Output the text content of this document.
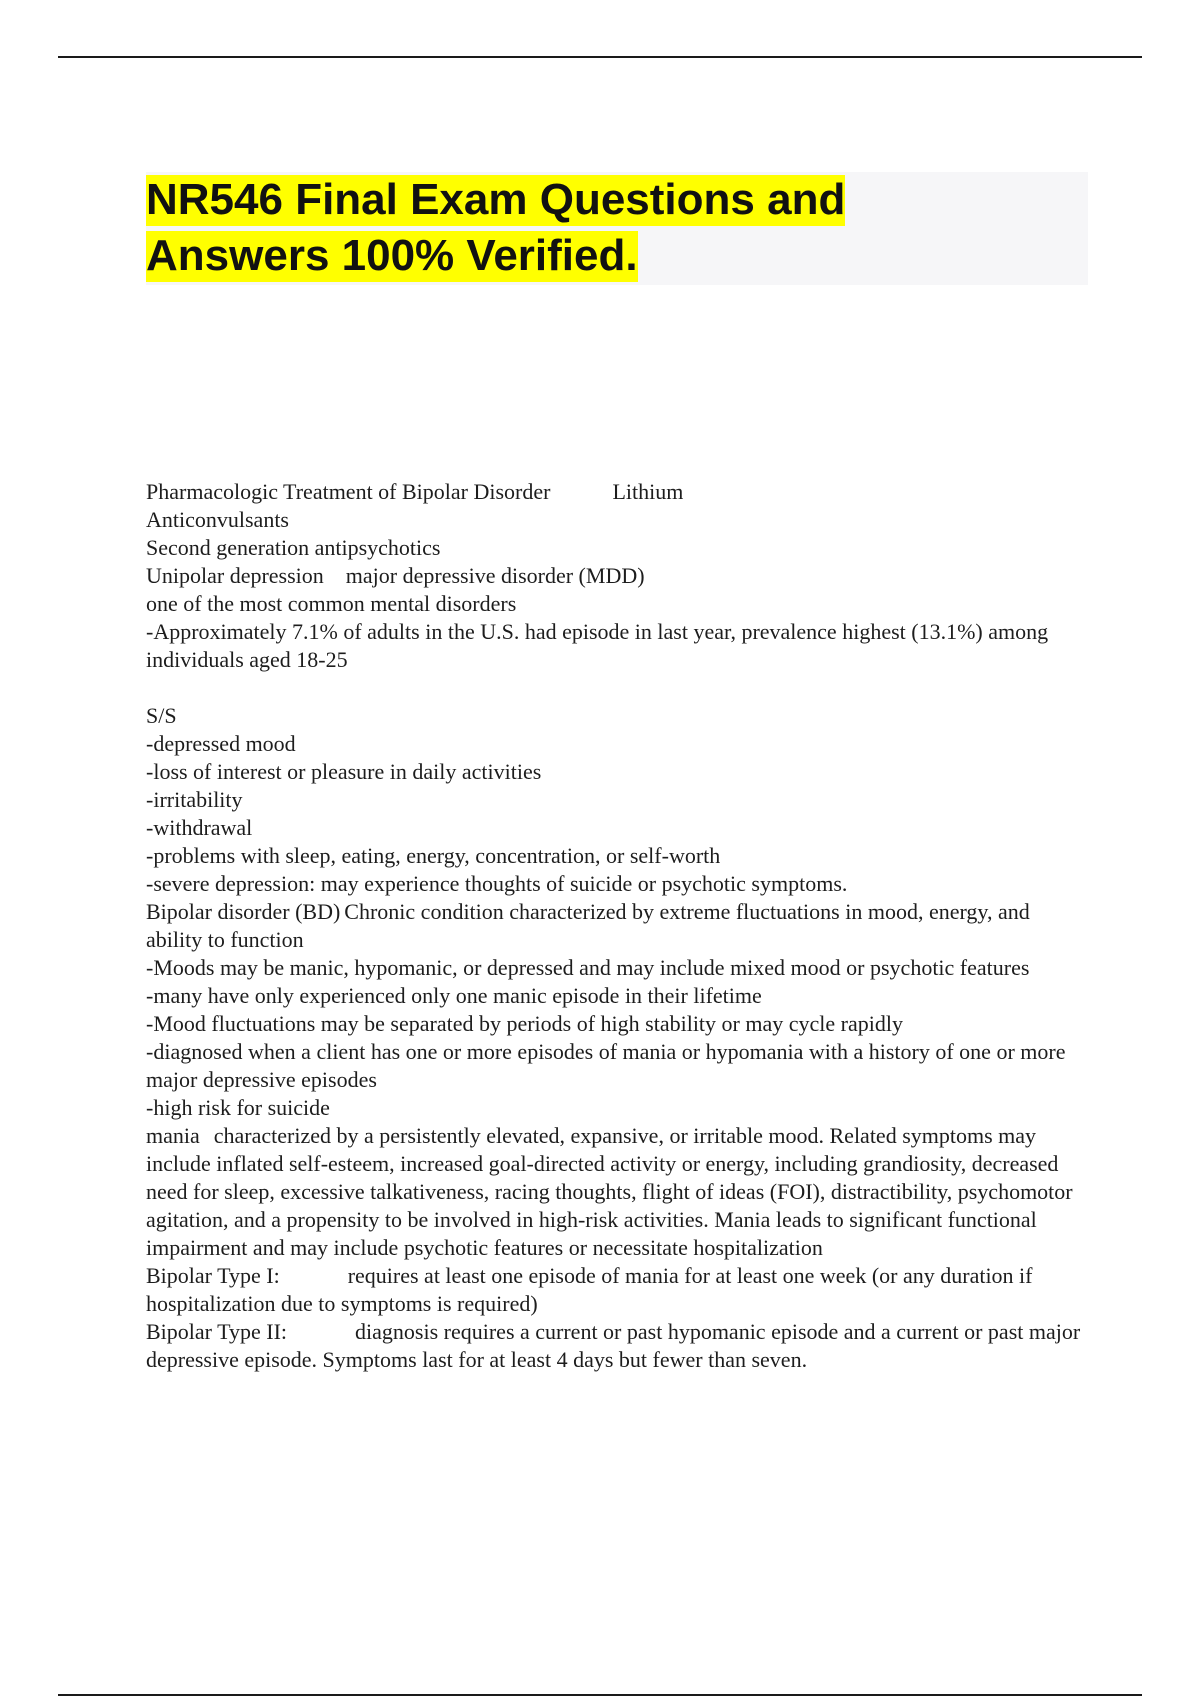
NR546 Final Exam Questions and Answers 100% Verified.
Pharmacologic Treatment of Bipolar Disorder	Lithium
Anticonvulsants
Second generation antipsychotics
Unipolar depression major depressive disorder (MDD)
one of the most common mental disorders
-Approximately 7.1% of adults in the U.S. had episode in last year, prevalence highest (13.1%) among individuals aged 18-25
S/S
-depressed mood
-loss of interest or pleasure in daily activities
-irritability
-withdrawal
-problems with sleep, eating, energy, concentration, or self-worth
-severe depression: may experience thoughts of suicide or psychotic symptoms.
Bipolar disorder (BD) Chronic condition characterized by extreme fluctuations in mood, energy, and ability to function
-Moods may be manic, hypomanic, or depressed and may include mixed mood or psychotic features
-many have only experienced only one manic episode in their lifetime
-Mood fluctuations may be separated by periods of high stability or may cycle rapidly
-diagnosed when a client has one or more episodes of mania or hypomania with a history of one or more major depressive episodes
-high risk for suicide
mania characterized by a persistently elevated, expansive, or irritable mood. Related symptoms may include inflated self-esteem, increased goal-directed activity or energy, including grandiosity, decreased need for sleep, excessive talkativeness, racing thoughts, flight of ideas (FOI), distractibility, psychomotor agitation, and a propensity to be involved in high-risk activities. Mania leads to significant functional impairment and may include psychotic features or necessitate hospitalization
Bipolar Type I:	requires at least one episode of mania for at least one week (or any duration if hospitalization due to symptoms is required)
Bipolar Type II:	diagnosis requires a current or past hypomanic episode and a current or past major depressive episode. Symptoms last for at least 4 days but fewer than seven.
